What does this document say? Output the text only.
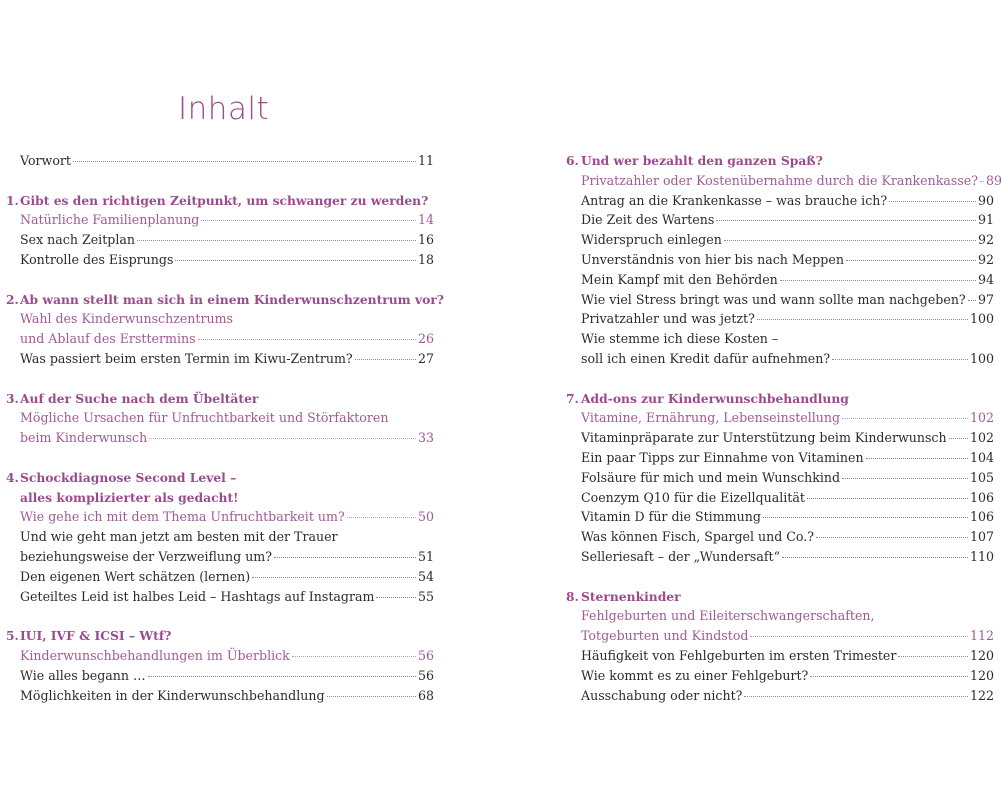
Inhalt
Vorwort	11
1. Gibt es den richtigen Zeitpunkt, um schwanger zu werden?
Natürliche Familienplanung	14
Sex nach Zeitplan	16
Kontrolle des Eisprungs	18
2. Ab wann stellt man sich in einem Kinderwunschzentrum vor?
Wahl des Kinderwunschzentrums
und Ablauf des Ersttermins	26
Was passiert beim ersten Termin im Kiwu-Zentrum?	27
3. Auf der Suche nach dem Übeltäter
Mögliche Ursachen für Unfruchtbarkeit und Störfaktoren
beim Kinderwunsch	33
4. Schockdiagnose Second Level –
alles komplizierter als gedacht!
Wie gehe ich mit dem Thema Unfruchtbarkeit um?	50
Und wie geht man jetzt am besten mit der Trauer
beziehungsweise der Verzweiflung um?	51
Den eigenen Wert schätzen (lernen)	54
Geteiltes Leid ist halbes Leid – Hashtags auf Instagram	55
5. IUI, IVF & ICSI – Wtf?
Kinderwunschbehandlungen im Überblick	56
Wie alles begann …	56
Möglichkeiten in der Kinderwunschbehandlung	68
6. Und wer bezahlt den ganzen Spaß?
Privatzahler oder Kostenübernahme durch die Krankenkasse? 89
Antrag an die Krankenkasse – was brauche ich?	90
Die Zeit des Wartens	91
Widerspruch einlegen	92
Unverständnis von hier bis nach Meppen	92
Mein Kampf mit den Behörden	94
Wie viel Stress bringt was und wann sollte man nachgeben? 97
Privatzahler und was jetzt?	100
Wie stemme ich diese Kosten –
soll ich einen Kredit dafür aufnehmen?	100
7. Add-ons zur Kinderwunschbehandlung
Vitamine, Ernährung, Lebenseinstellung	102
Vitaminpräparate zur Unterstützung beim Kinderwunsch 102
Ein paar Tipps zur Einnahme von Vitaminen	104
Folsäure für mich und mein Wunschkind	105
Coenzym Q10 für die Eizellqualität	106
Vitamin D für die Stimmung	106
Was können Fisch, Spargel und Co.?	107
Selleriesaft – der „Wundersaft“	110
8. Sternenkinder
Fehlgeburten und Eileiterschwangerschaften,
Totgeburten und Kindstod	112
Häufigkeit von Fehlgeburten im ersten Trimester	120
Wie kommt es zu einer Fehlgeburt?	120
Ausschabung oder nicht?	122
